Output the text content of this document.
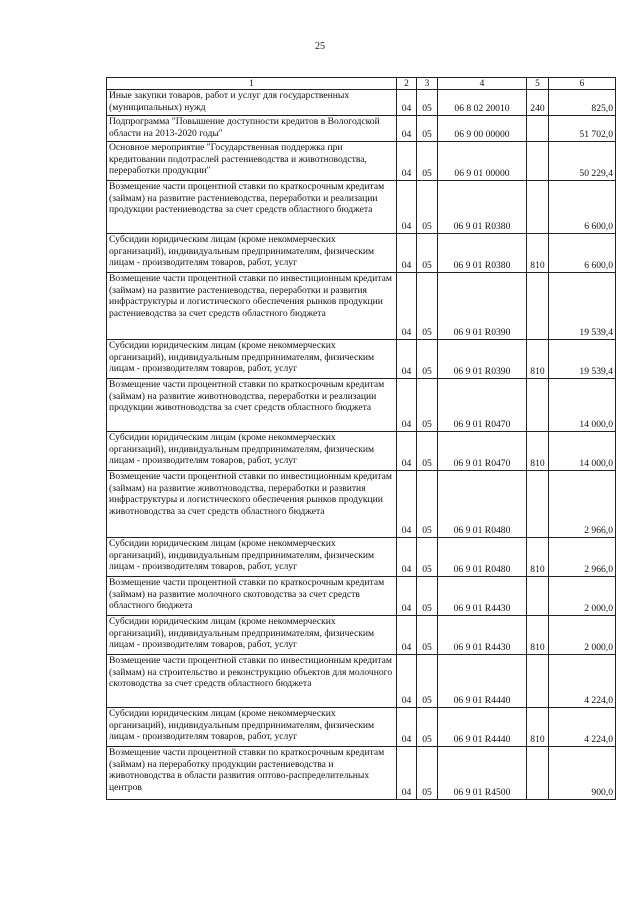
25
1	2	3	4	5	6
Иные закупки товаров, работ и услуг для государственных (муниципальных) нужд	04	05	06 8 02 20010	240	825,0
Подпрограмма "Повышение доступности кредитов в Вологодской области на 2013-2020 годы"	04	05	06 9 00 00000		51 702,0
Основное мероприятие "Государственная поддержка при кредитовании подотраслей растениеводства и животноводства, переработки продукции"	04	05	06 9 01 00000		50 229,4
Возмещение части процентной ставки по краткосрочным кредитам (займам) на развитие растениеводства, переработки и реализации продукции растениеводства за счет средств областного бюджета	04	05	06 9 01 R0380		6 600,0
Субсидии юридическим лицам (кроме некоммерческих организаций), индивидуальным предпринимателям, физическим лицам - производителям товаров, работ, услуг	04	05	06 9 01 R0380	810	6 600,0
Возмещение части процентной ставки по инвестиционным кредитам (займам) на развитие растениеводства, переработки и развития инфраструктуры и логистического обеспечения рынков продукции растениеводства за счет средств областного бюджета	04	05	06 9 01 R0390		19 539,4
Субсидии юридическим лицам (кроме некоммерческих организаций), индивидуальным предпринимателям, физическим лицам - производителям товаров, работ, услуг	04	05	06 9 01 R0390	810	19 539,4
Возмещение части процентной ставки по краткосрочным кредитам (займам) на развитие животноводства, переработки и реализации продукции животноводства за счет средств областного бюджета	04	05	06 9 01 R0470		14 000,0
Субсидии юридическим лицам (кроме некоммерческих организаций), индивидуальным предпринимателям, физическим лицам - производителям товаров, работ, услуг	04	05	06 9 01 R0470	810	14 000,0
Возмещение части процентной ставки по инвестиционным кредитам (займам) на развитие животноводства, переработки и развития инфраструктуры и логистического обеспечения рынков продукции животноводства за счет средств областного бюджета	04	05	06 9 01 R0480		2 966,0
Субсидии юридическим лицам (кроме некоммерческих организаций), индивидуальным предпринимателям, физическим лицам - производителям товаров, работ, услуг	04	05	06 9 01 R0480	810	2 966,0
Возмещение части процентной ставки по краткосрочным кредитам (займам) на развитие молочного скотоводства за счет средств областного бюджета	04	05	06 9 01 R4430		2 000,0
Субсидии юридическим лицам (кроме некоммерческих организаций), индивидуальным предпринимателям, физическим лицам - производителям товаров, работ, услуг	04	05	06 9 01 R4430	810	2 000,0
Возмещение части процентной ставки по инвестиционным кредитам (займам) на строительство и реконструкцию объектов для молочного скотоводства за счет средств областного бюджета	04	05	06 9 01 R4440		4 224,0
Субсидии юридическим лицам (кроме некоммерческих организаций), индивидуальным предпринимателям, физическим лицам - производителям товаров, работ, услуг	04	05	06 9 01 R4440	810	4 224,0
Возмещение части процентной ставки по краткосрочным кредитам (займам) на переработку продукции растениеводства и животноводства в области развития оптово-распределительных центров	04	05	06 9 01 R4500		900,0
